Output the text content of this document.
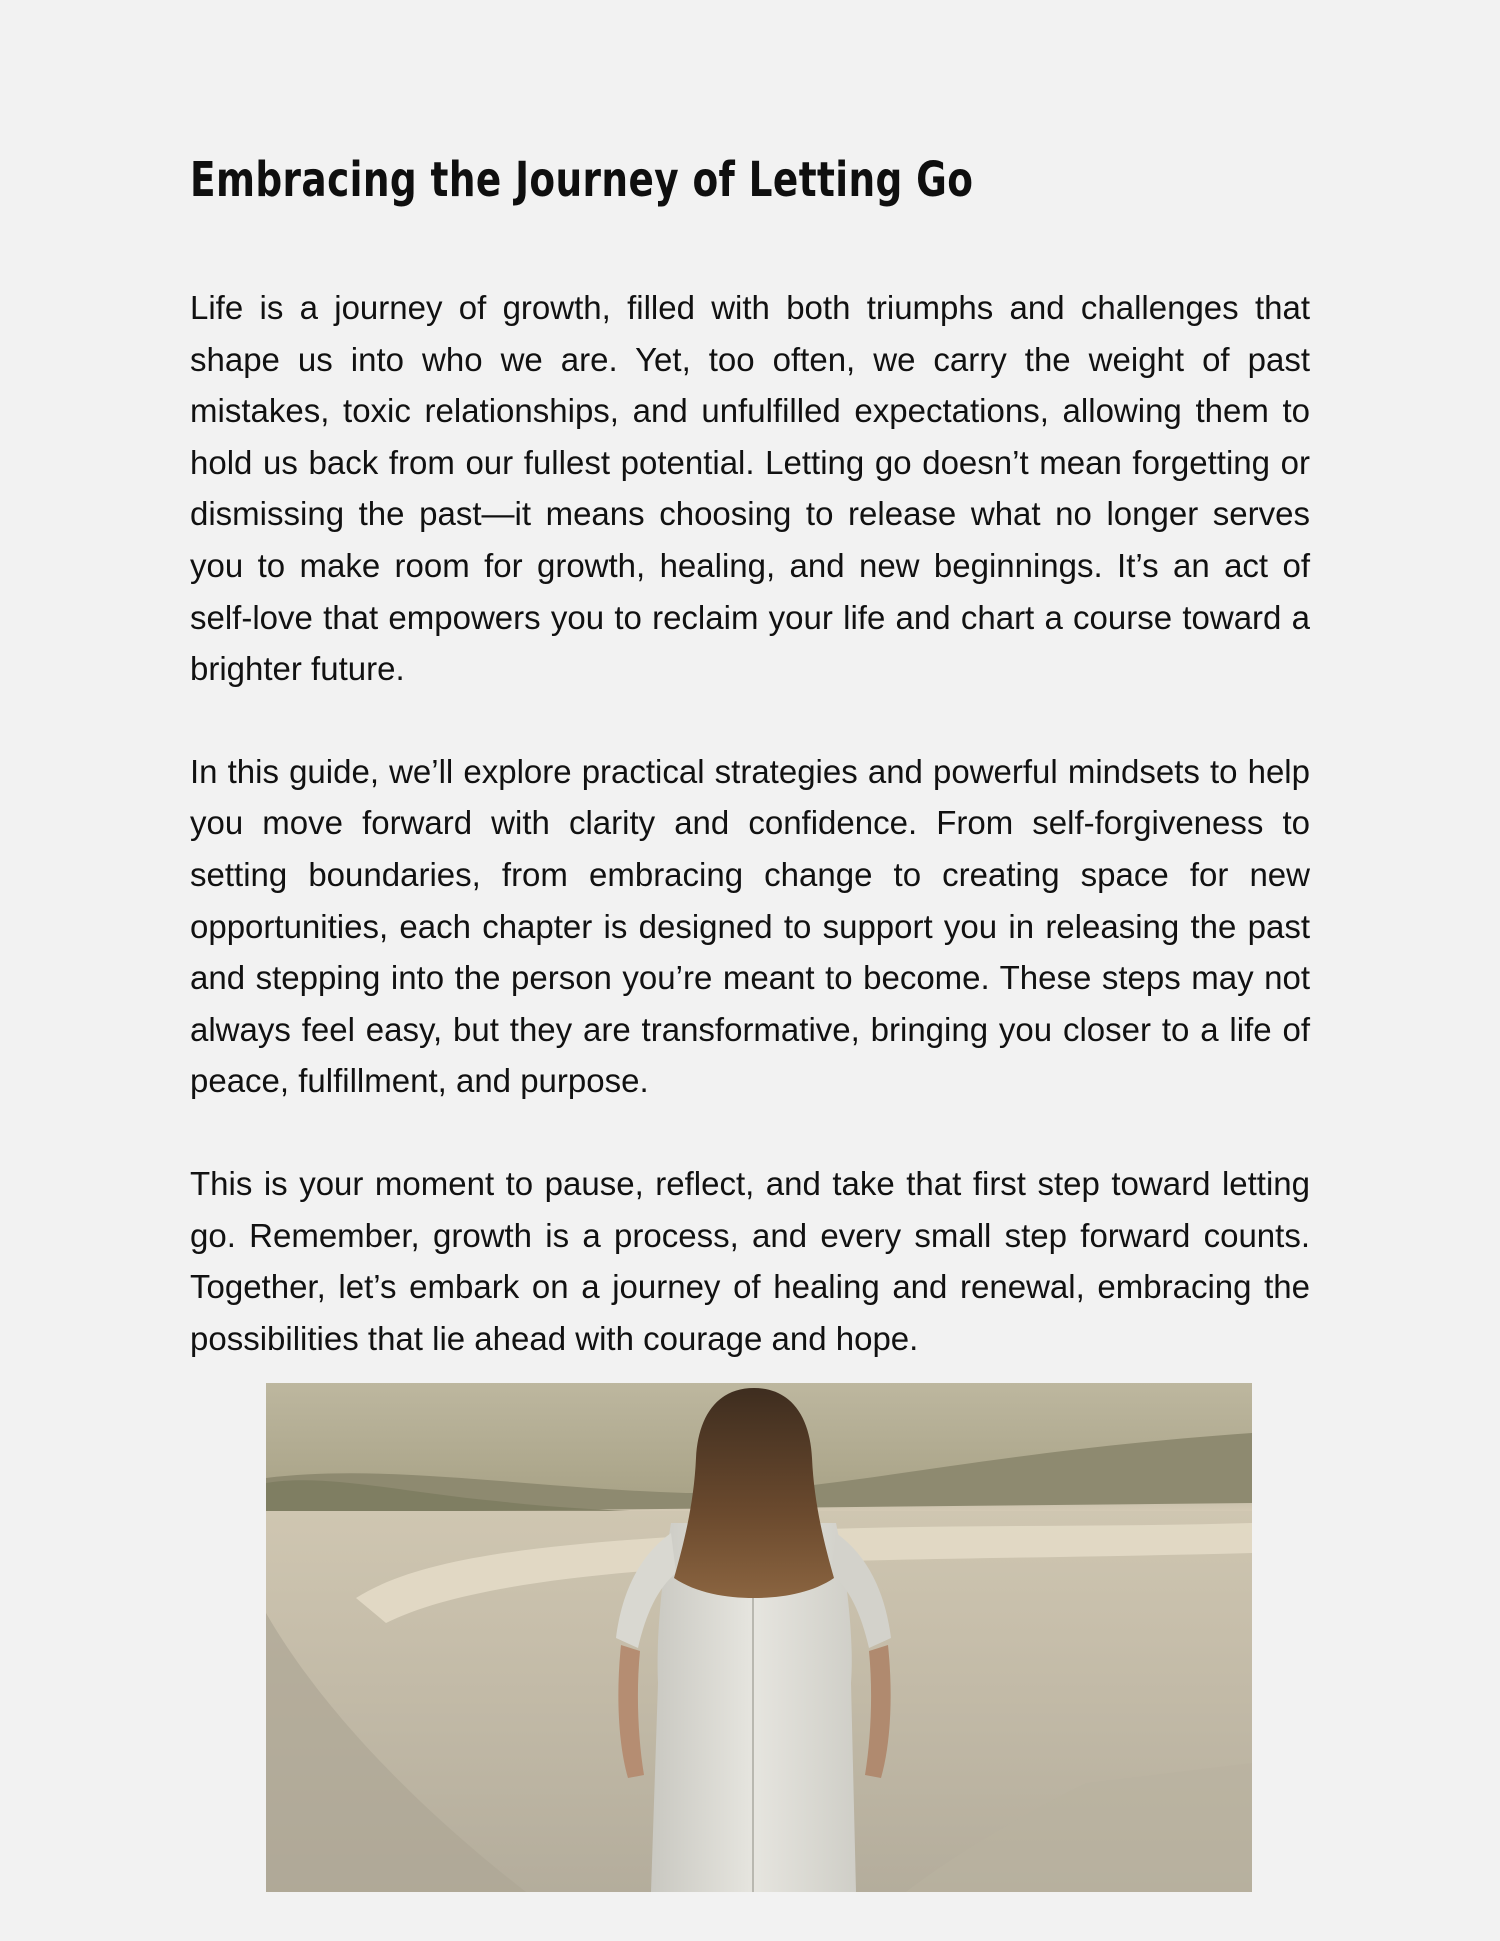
Embracing the Journey of Letting Go

Life is a journey of growth, filled with both triumphs and challenges that shape us into who we are. Yet, too often, we carry the weight of past mistakes, toxic relationships, and unfulfilled expectations, allowing them to hold us back from our fullest potential. Letting go doesn’t mean forgetting or dismissing the past—it means choosing to release what no longer serves you to make room for growth, healing, and new beginnings. It’s an act of self-love that empowers you to reclaim your life and chart a course toward a brighter future.

In this guide, we’ll explore practical strategies and powerful mindsets to help you move forward with clarity and confidence. From self-forgiveness to setting boundaries, from embracing change to creating space for new opportunities, each chapter is designed to support you in releasing the past and stepping into the person you’re meant to become. These steps may not always feel easy, but they are transformative, bringing you closer to a life of peace, fulfillment, and purpose.

This is your moment to pause, reflect, and take that first step toward letting go. Remember, growth is a process, and every small step forward counts. Together, let’s embark on a journey of healing and renewal, embracing the possibilities that lie ahead with courage and hope.
